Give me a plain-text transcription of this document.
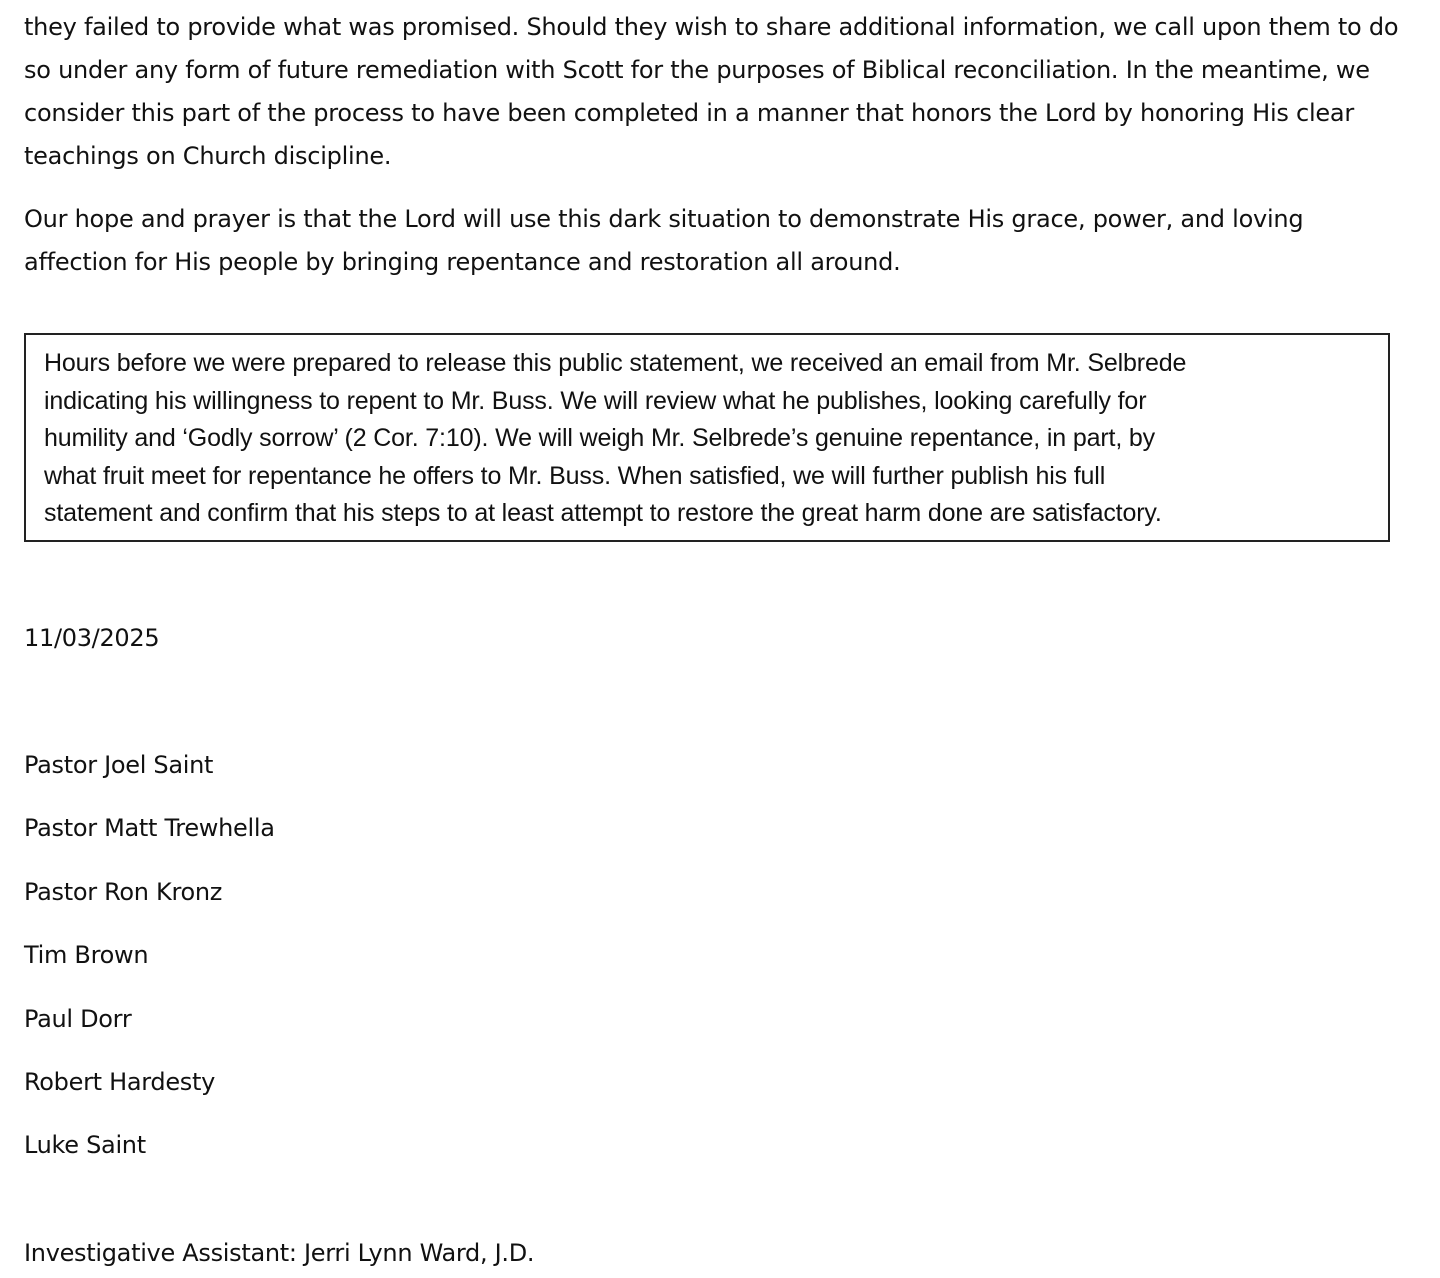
they failed to provide what was promised. Should they wish to share additional information, we call upon them to do so under any form of future remediation with Scott for the purposes of Biblical reconciliation. In the meantime, we consider this part of the process to have been completed in a manner that honors the Lord by honoring His clear teachings on Church discipline.

Our hope and prayer is that the Lord will use this dark situation to demonstrate His grace, power, and loving affection for His people by bringing repentance and restoration all around.

Hours before we were prepared to release this public statement, we received an email from Mr. Selbrede
indicating his willingness to repent to Mr. Buss. We will review what he publishes, looking carefully for
humility and ‘Godly sorrow’ (2 Cor. 7:10). We will weigh Mr. Selbrede’s genuine repentance, in part, by
what fruit meet for repentance he offers to Mr. Buss. When satisfied, we will further publish his full
statement and confirm that his steps to at least attempt to restore the great harm done are satisfactory.

11/03/2025
Pastor Joel Saint
Pastor Matt Trewhella
Pastor Ron Kronz
Tim Brown
Paul Dorr
Robert Hardesty
Luke Saint
Investigative Assistant: Jerri Lynn Ward, J.D.
